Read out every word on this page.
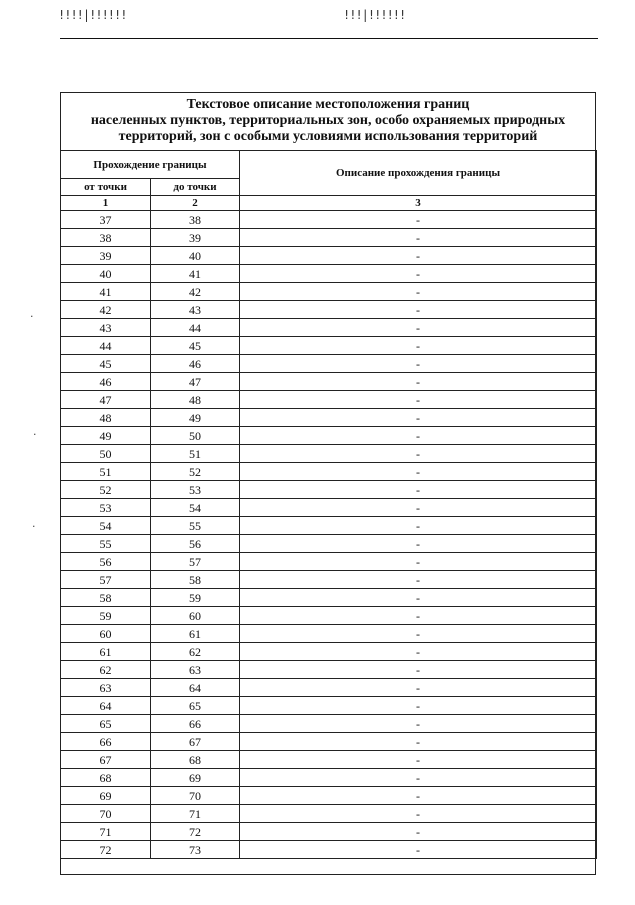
!!!!|!!!!!!	!!!|!!!!!!
·
·
·
Текстовое описание местоположения границ
населенных пунктов, территориальных зон, особо охраняемых природных
территорий, зон с особыми условиями использования территорий
Прохождение границы		Описание прохождения границы
от точки	до точки	
1	2	3
37	38	-
38	39	-
39	40	-
40	41	-
41	42	-
42	43	-
43	44	-
44	45	-
45	46	-
46	47	-
47	48	-
48	49	-
49	50	-
50	51	-
51	52	-
52	53	-
53	54	-
54	55	-
55	56	-
56	57	-
57	58	-
58	59	-
59	60	-
60	61	-
61	62	-
62	63	-
63	64	-
64	65	-
65	66	-
66	67	-
67	68	-
68	69	-
69	70	-
70	71	-
71	72	-
72	73	-
